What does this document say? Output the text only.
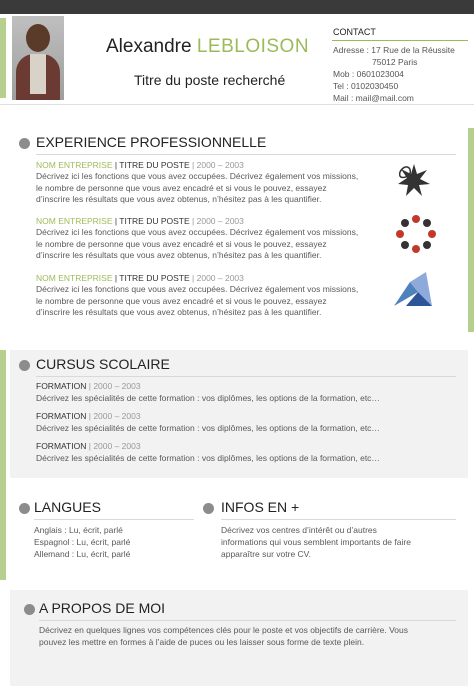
Alexandre LEBLOISON
Titre du poste recherché
CONTACT
Adresse : 17 Rue de la Réussite
75012 Paris
Mob : 0601023004
Tel : 0102030450
Mail : mail@mail.com
EXPERIENCE PROFESSIONNELLE
NOM ENTREPRISE | TITRE DU POSTE | 2000 – 2003
Décrivez ici les fonctions que vous avez occupées. Décrivez également vos missions,
le nombre de personne que vous avez encadré et si vous le pouvez, essayez
d’inscrire les résultats que vous avez obtenus, n’hésitez pas à les quantifier.
NOM ENTREPRISE | TITRE DU POSTE | 2000 – 2003
Décrivez ici les fonctions que vous avez occupées. Décrivez également vos missions,
le nombre de personne que vous avez encadré et si vous le pouvez, essayez
d’inscrire les résultats que vous avez obtenus, n’hésitez pas à les quantifier.
NOM ENTREPRISE | TITRE DU POSTE | 2000 – 2003
Décrivez ici les fonctions que vous avez occupées. Décrivez également vos missions,
le nombre de personne que vous avez encadré et si vous le pouvez, essayez
d’inscrire les résultats que vous avez obtenus, n’hésitez pas à les quantifier.
CURSUS SCOLAIRE
FORMATION | 2000 – 2003
Décrivez les spécialités de cette formation : vos diplômes, les options de la formation, etc…
FORMATION | 2000 – 2003
Décrivez les spécialités de cette formation : vos diplômes, les options de la formation, etc…
FORMATION | 2000 – 2003
Décrivez les spécialités de cette formation : vos diplômes, les options de la formation, etc…
LANGUES
Anglais : Lu, écrit, parlé
Espagnol : Lu, écrit, parlé
Allemand : Lu, écrit, parlé
INFOS EN +
Décrivez vos centres d’intérêt ou d’autres
informations qui vous semblent importants de faire
apparaître sur votre CV.
A PROPOS DE MOI
Décrivez en quelques lignes vos compétences clés pour le poste et vos objectifs de carrière. Vous
pouvez les mettre en formes à l’aide de puces ou les laisser sous forme de texte plein.
